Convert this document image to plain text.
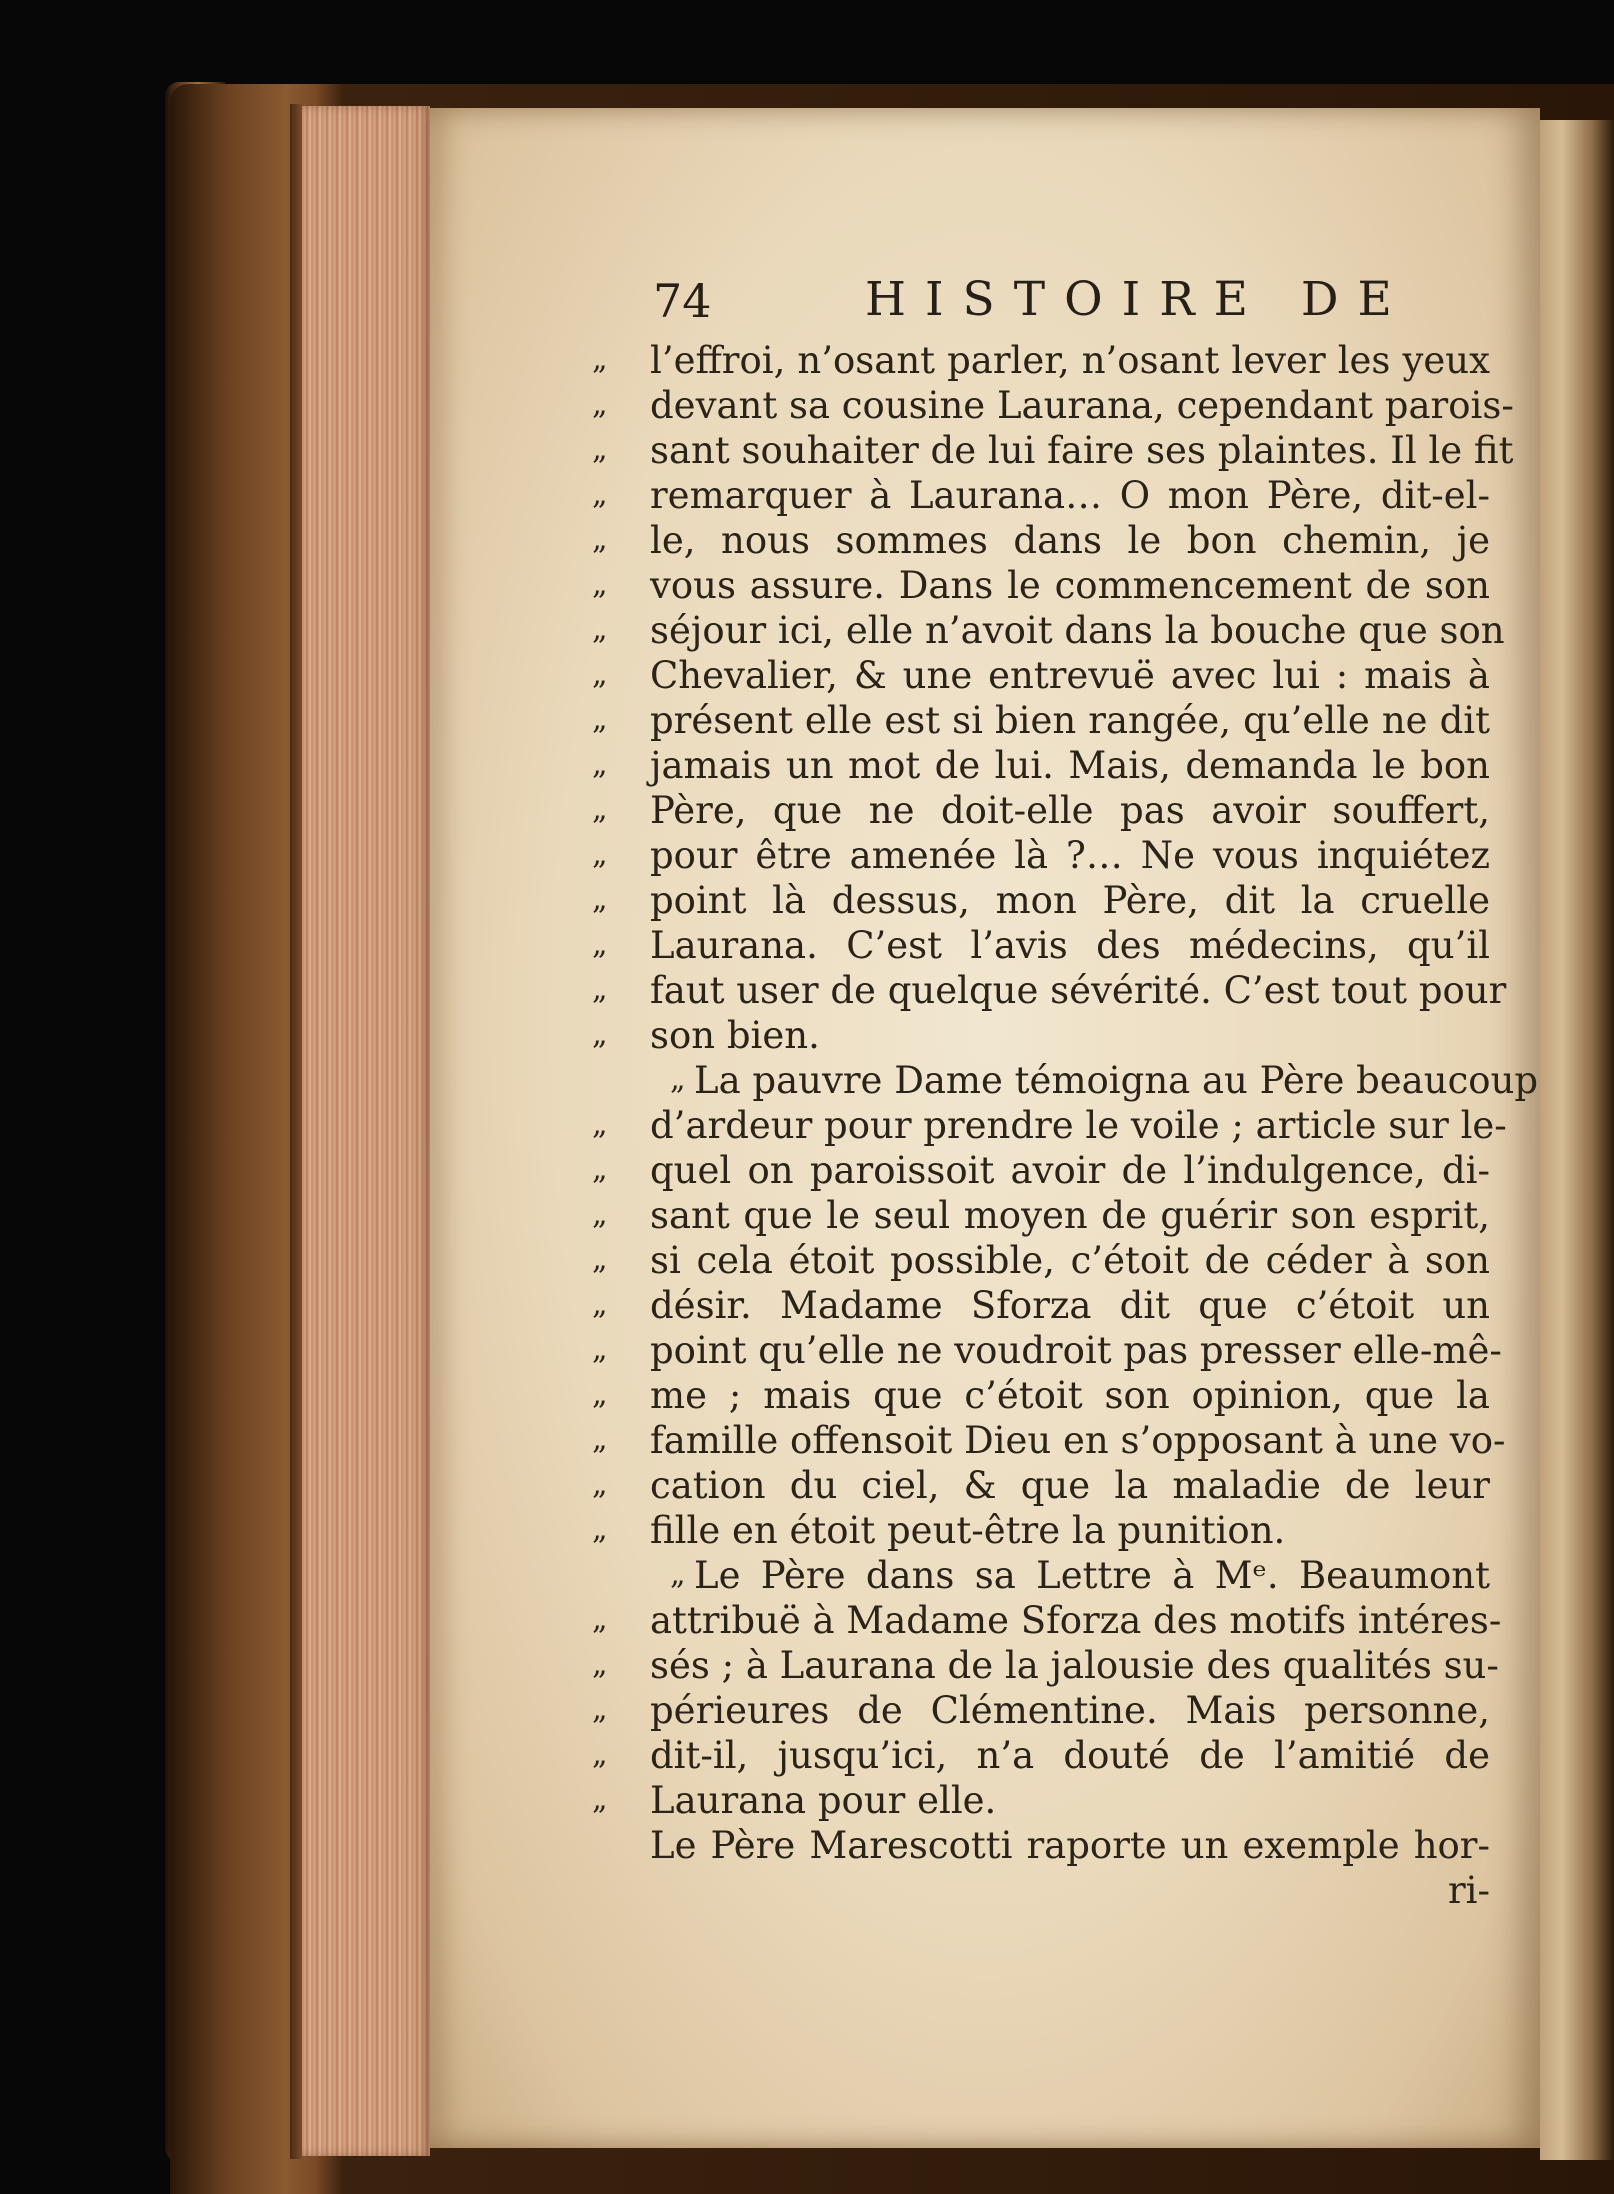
74	HISTOIRE DE
„	l’effroi, n’osant parler, n’osant lever les yeux
„	devant sa cousine Laurana, cependant parois-
„	sant souhaiter de lui faire ses plaintes. Il le fit
„	remarquer à Laurana… O mon Père, dit-el-
„	le, nous sommes dans le bon chemin, je
„	vous assure. Dans le commencement de son
„	séjour ici, elle n’avoit dans la bouche que son
„	Chevalier, & une entrevuë avec lui : mais à
„	présent elle est si bien rangée, qu’elle ne dit
„	jamais un mot de lui. Mais, demanda le bon
„	Père, que ne doit-elle pas avoir souffert,
„	pour être amenée là ?… Ne vous inquiétez
„	point là dessus, mon Père, dit la cruelle
„	Laurana. C’est l’avis des médecins, qu’il
„	faut user de quelque sévérité. C’est tout pour
„	son bien.
„ La pauvre Dame témoigna au Père beaucoup
„	d’ardeur pour prendre le voile ; article sur le-
„	quel on paroissoit avoir de l’indulgence, di-
„	sant que le seul moyen de guérir son esprit,
„	si cela étoit possible, c’étoit de céder à son
„	désir. Madame Sforza dit que c’étoit un
„	point qu’elle ne voudroit pas presser elle-mê-
„	me ; mais que c’étoit son opinion, que la
„	famille offensoit Dieu en s’opposant à une vo-
„	cation du ciel, & que la maladie de leur
„	fille en étoit peut-être la punition.
„ Le Père dans sa Lettre à Mᵉ. Beaumont
„	attribuë à Madame Sforza des motifs intéres-
„	sés ; à Laurana de la jalousie des qualités su-
„	périeures de Clémentine. Mais personne,
„	dit-il, jusqu’ici, n’a douté de l’amitié de
„	Laurana pour elle.
Le Père Marescotti raporte un exemple hor-
ri-
